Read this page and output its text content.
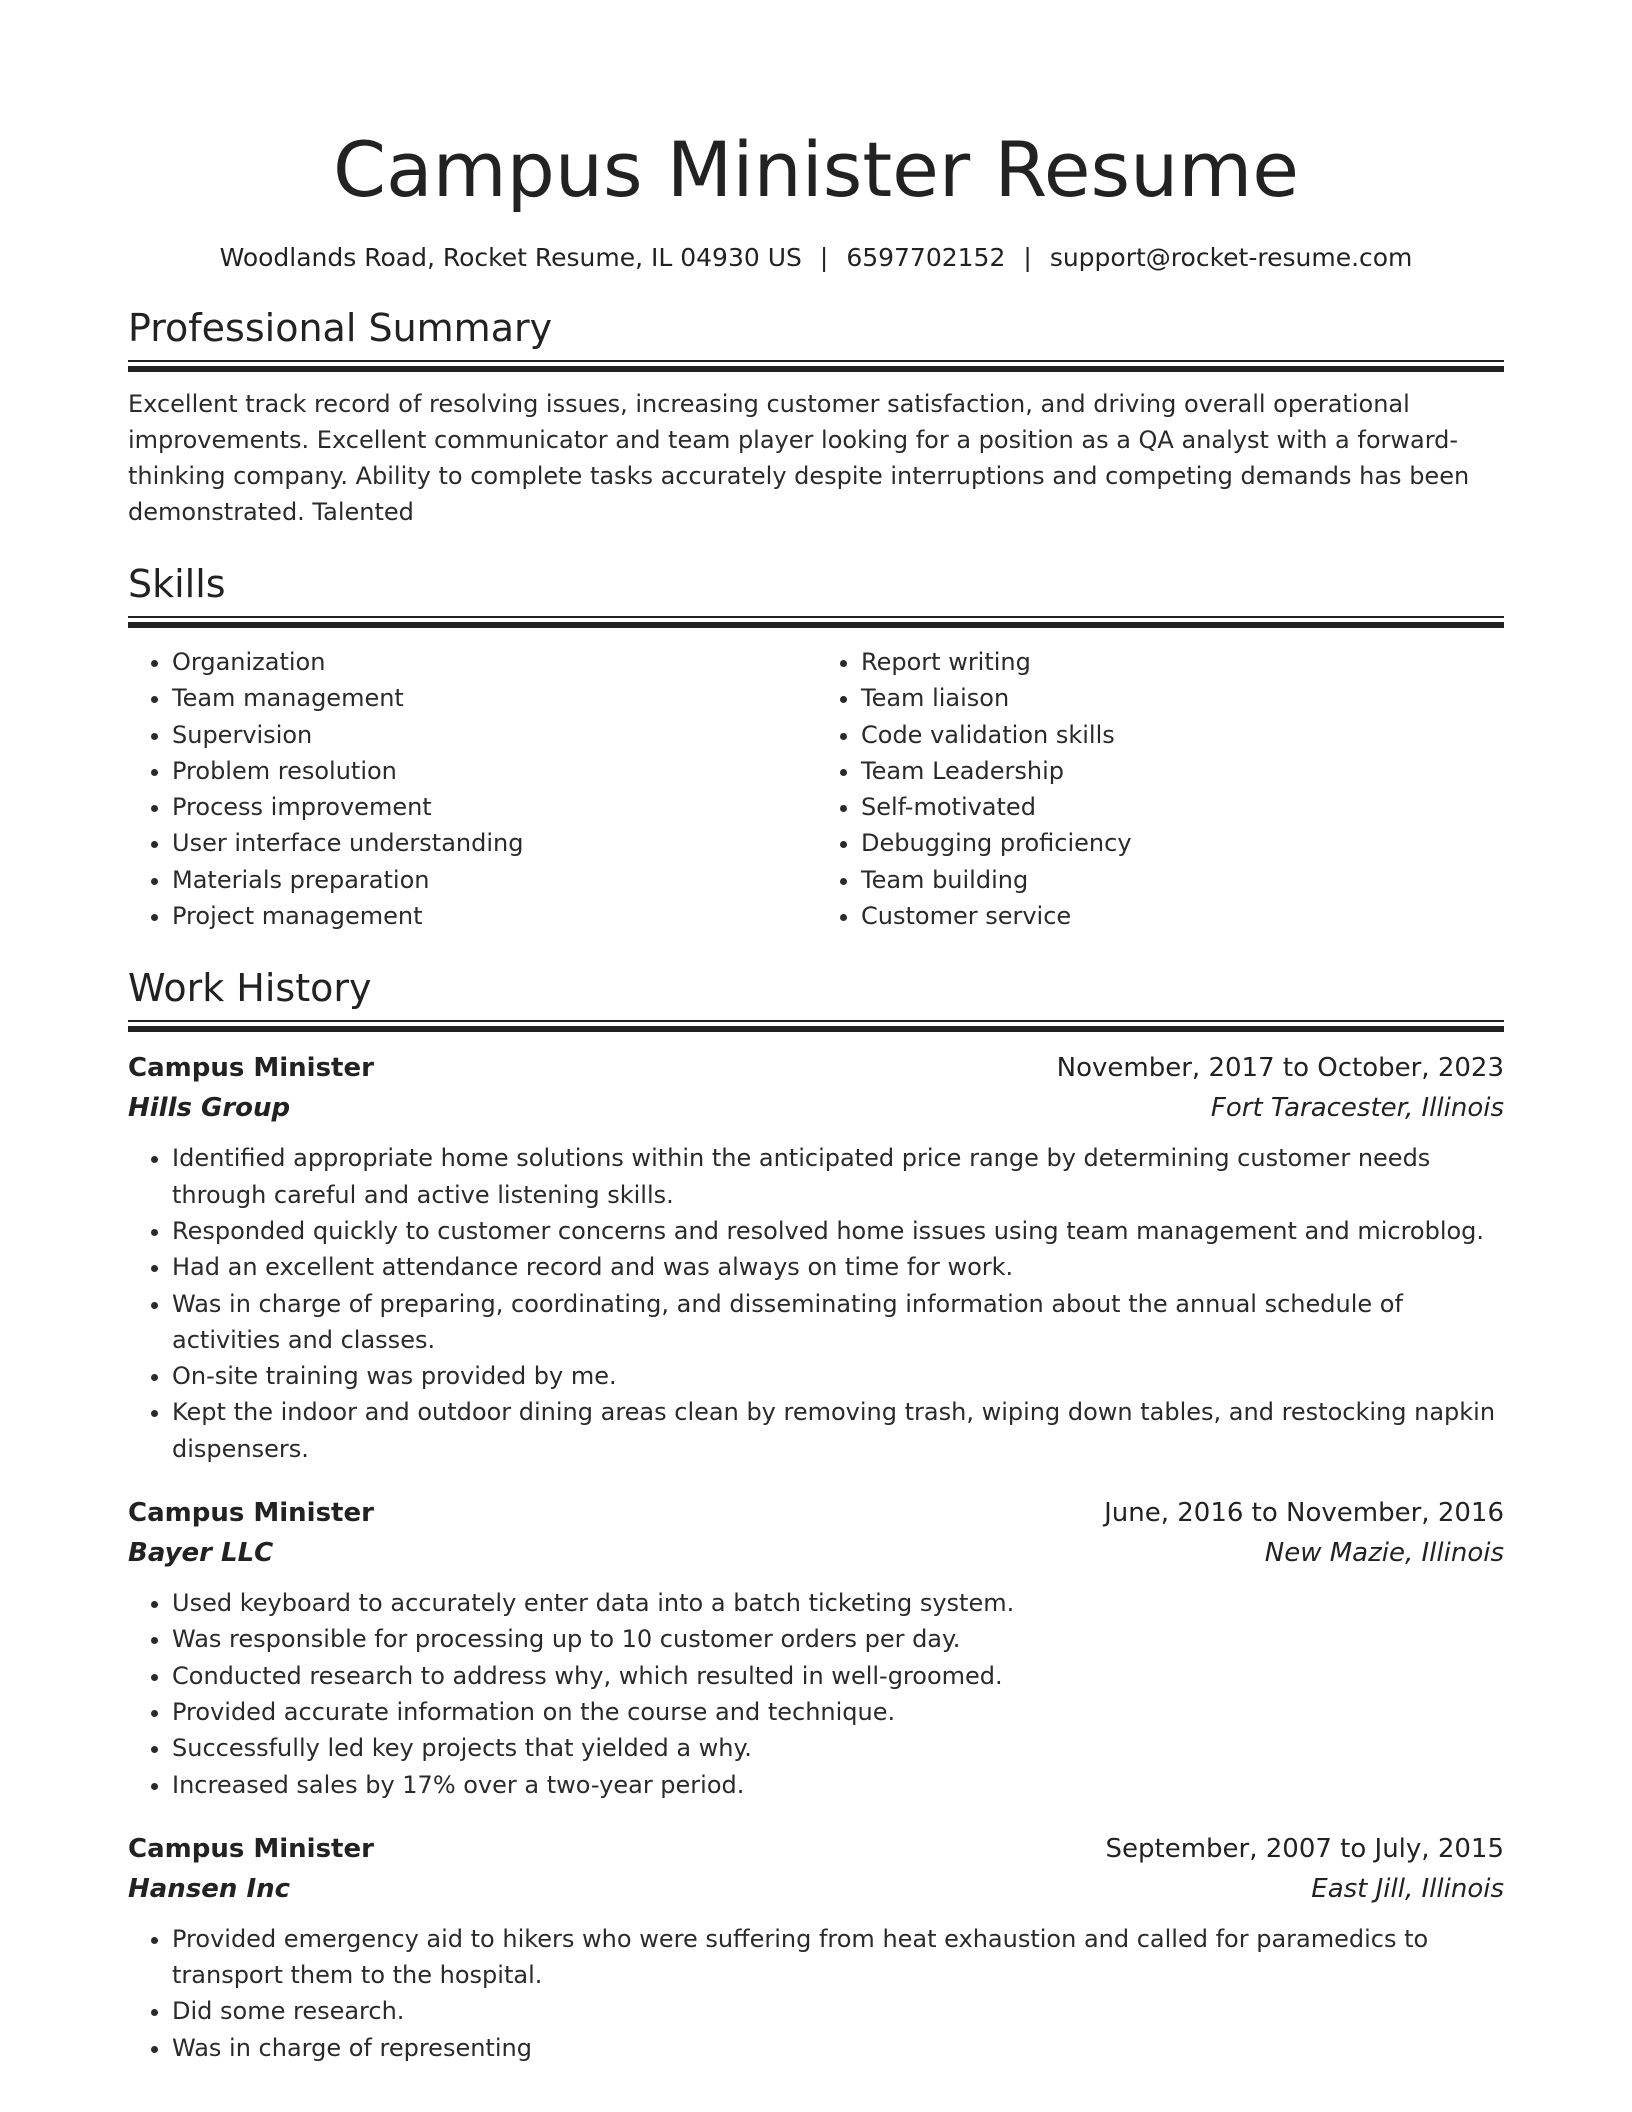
Campus Minister Resume
Woodlands Road, Rocket Resume, IL 04930 US | 6597702152 | support@rocket-resume.com
Professional Summary
Excellent track record of resolving issues, increasing customer satisfaction, and driving overall operational improvements. Excellent communicator and team player looking for a position as a QA analyst with a forward-thinking company. Ability to complete tasks accurately despite interruptions and competing demands has been demonstrated. Talented
Skills
• Organization
• Team management
• Supervision
• Problem resolution
• Process improvement
• User interface understanding
• Materials preparation
• Project management
• Report writing
• Team liaison
• Code validation skills
• Team Leadership
• Self-motivated
• Debugging proficiency
• Team building
• Customer service
Work History
Campus Minister	November, 2017 to October, 2023
Hills Group	Fort Taracester, Illinois
• Identified appropriate home solutions within the anticipated price range by determining customer needs through careful and active listening skills.
• Responded quickly to customer concerns and resolved home issues using team management and microblog.
• Had an excellent attendance record and was always on time for work.
• Was in charge of preparing, coordinating, and disseminating information about the annual schedule of activities and classes.
• On-site training was provided by me.
• Kept the indoor and outdoor dining areas clean by removing trash, wiping down tables, and restocking napkin dispensers.
Campus Minister	June, 2016 to November, 2016
Bayer LLC	New Mazie, Illinois
• Used keyboard to accurately enter data into a batch ticketing system.
• Was responsible for processing up to 10 customer orders per day.
• Conducted research to address why, which resulted in well-groomed.
• Provided accurate information on the course and technique.
• Successfully led key projects that yielded a why.
• Increased sales by 17% over a two-year period.
Campus Minister	September, 2007 to July, 2015
Hansen Inc	East Jill, Illinois
• Provided emergency aid to hikers who were suffering from heat exhaustion and called for paramedics to transport them to the hospital.
• Did some research.
• Was in charge of representing
